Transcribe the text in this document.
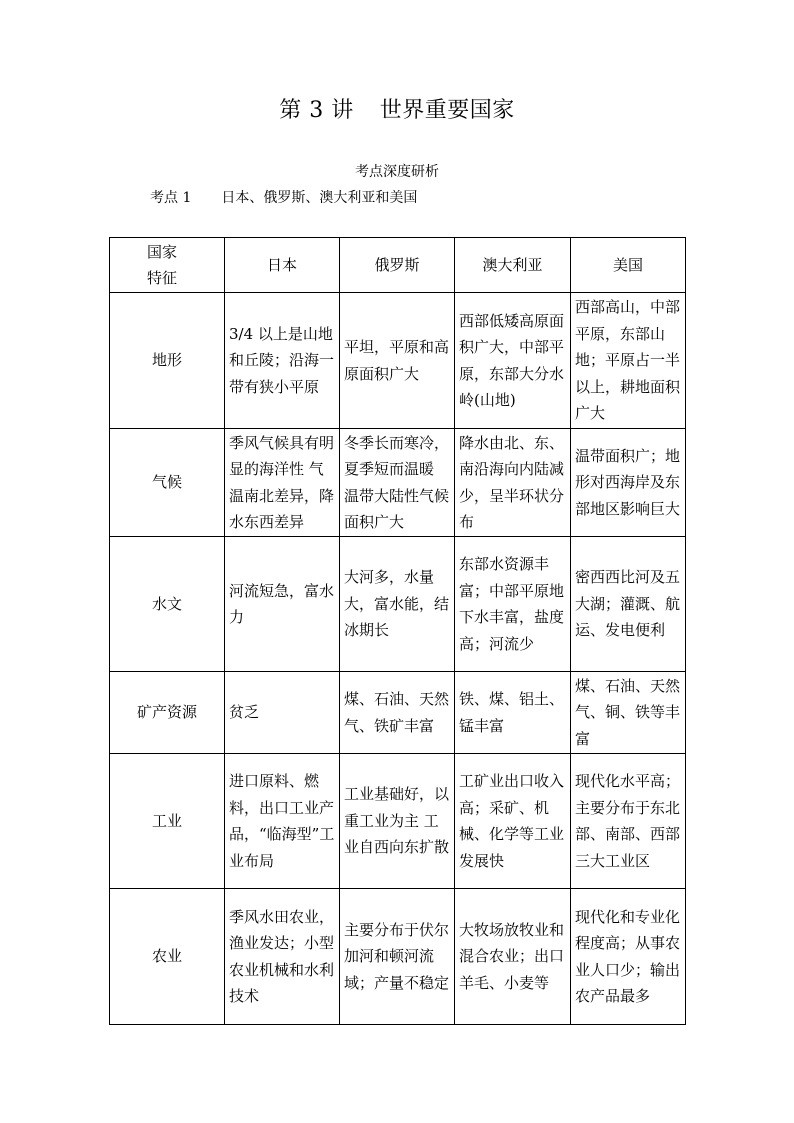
第 3 讲 世界重要国家
考点深度研析
考点 1 日本、俄罗斯、澳大利亚和美国
国家
特征	日本	俄罗斯	澳大利亚	美国
地形	3/4 以上是山地和丘陵；沿海一带有狭小平原	平坦，平原和高原面积广大	西部低矮高原面积广大，中部平原，东部大分水岭(山地)	西部高山，中部平原，东部山地；平原占一半以上，耕地面积广大
气候	季风气候具有明显的海洋性 气温南北差异，降水东西差异	冬季长而寒冷，夏季短而温暖 温带大陆性气候面积广大	降水由北、东、南沿海向内陆减少，呈半环状分布	温带面积广；地形对西海岸及东部地区影响巨大
水文	河流短急，富水力	大河多，水量大，富水能，结冰期长	东部水资源丰富；中部平原地下水丰富，盐度高；河流少	密西西比河及五大湖；灌溉、航运、发电便利
矿产资源	贫乏	煤、石油、天然气、铁矿丰富	铁、煤、铝土、锰丰富	煤、石油、天然气、铜、铁等丰富
工业	进口原料、燃料，出口工业产品，“临海型”工业布局	工业基础好，以重工业为主 工业自西向东扩散	工矿业出口收入高；采矿、机械、化学等工业发展快	现代化水平高；主要分布于东北部、南部、西部三大工业区
农业	季风水田农业，渔业发达；小型农业机械和水利技术	主要分布于伏尔加河和顿河流域；产量不稳定	大牧场放牧业和混合农业；出口羊毛、小麦等	现代化和专业化程度高；从事农业人口少；输出农产品最多
